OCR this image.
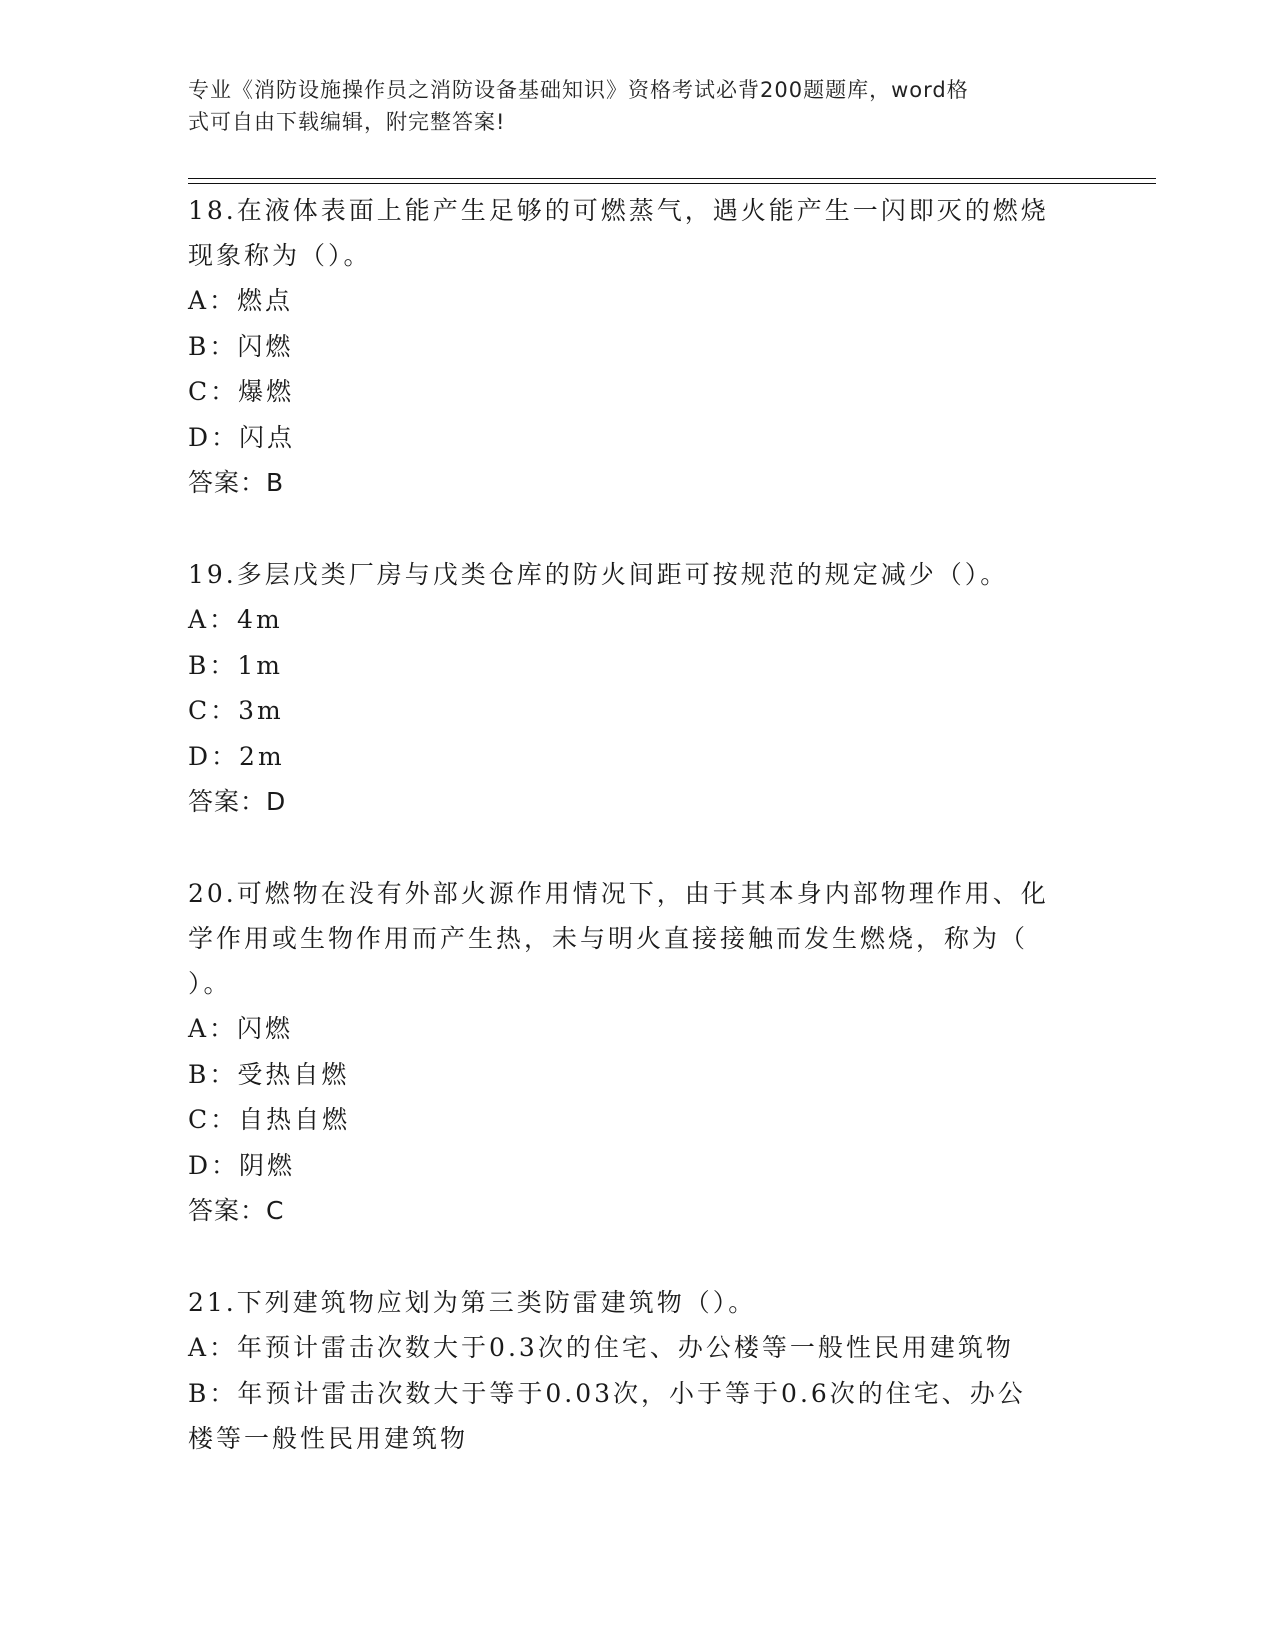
专业《消防设施操作员之消防设备基础知识》资格考试必背200题题库，word格
式可自由下载编辑，附完整答案!
18.在液体表面上能产生足够的可燃蒸气，遇火能产生一闪即灭的燃烧
现象称为（）。
A：燃点
B：闪燃
C：爆燃
D：闪点
答案：B
19.多层戊类厂房与戊类仓库的防火间距可按规范的规定减少（）。
A：4m
B：1m
C：3m
D：2m
答案：D
20.可燃物在没有外部火源作用情况下，由于其本身内部物理作用、化
学作用或生物作用而产生热，未与明火直接接触而发生燃烧，称为（
）。
A：闪燃
B：受热自燃
C：自热自燃
D：阴燃
答案：C
21.下列建筑物应划为第三类防雷建筑物（）。
A：年预计雷击次数大于0.3次的住宅、办公楼等一般性民用建筑物
B：年预计雷击次数大于等于0.03次，小于等于0.6次的住宅、办公
楼等一般性民用建筑物
